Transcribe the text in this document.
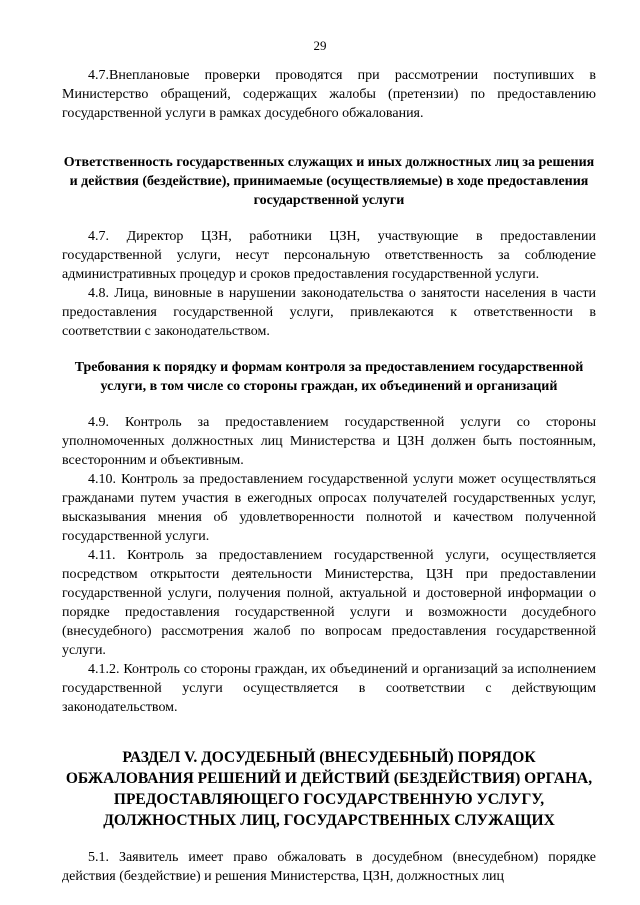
29

4.7.Внеплановые проверки проводятся при рассмотрении поступивших в Министерство обращений, содержащих жалобы (претензии) по предоставлению государственной услуги в рамках досудебного обжалования.

Ответственность государственных служащих и иных должностных лиц за решения и действия (бездействие), принимаемые (осуществляемые) в ходе предоставления государственной услуги

4.7. Директор ЦЗН, работники ЦЗН, участвующие в предоставлении государственной услуги, несут персональную ответственность за соблюдение административных процедур и сроков предоставления государственной услуги.

4.8. Лица, виновные в нарушении законодательства о занятости населения в части предоставления государственной услуги, привлекаются к ответственности в соответствии с законодательством.

Требования к порядку и формам контроля за предоставлением государственной услуги, в том числе со стороны граждан, их объединений и организаций

4.9. Контроль за предоставлением государственной услуги со стороны уполномоченных должностных лиц Министерства и ЦЗН должен быть постоянным, всесторонним и объективным.

4.10. Контроль за предоставлением государственной услуги может осуществляться гражданами путем участия в ежегодных опросах получателей государственных услуг, высказывания мнения об удовлетворенности полнотой и качеством полученной государственной услуги.

4.11. Контроль за предоставлением государственной услуги, осуществляется посредством открытости деятельности Министерства, ЦЗН при предоставлении государственной услуги, получения полной, актуальной и достоверной информации о порядке предоставления государственной услуги и возможности досудебного (внесудебного) рассмотрения жалоб по вопросам предоставления государственной услуги.

4.1.2. Контроль со стороны граждан, их объединений и организаций за исполнением государственной услуги осуществляется в соответствии с действующим законодательством.

РАЗДЕЛ V. ДОСУДЕБНЫЙ (ВНЕСУДЕБНЫЙ) ПОРЯДОК ОБЖАЛОВАНИЯ РЕШЕНИЙ И ДЕЙСТВИЙ (БЕЗДЕЙСТВИЯ) ОРГАНА, ПРЕДОСТАВЛЯЮЩЕГО ГОСУДАРСТВЕННУЮ УСЛУГУ, ДОЛЖНОСТНЫХ ЛИЦ, ГОСУДАРСТВЕННЫХ СЛУЖАЩИХ

5.1. Заявитель имеет право обжаловать в досудебном (внесудебном) порядке действия (бездействие) и решения Министерства, ЦЗН, должностных лиц
